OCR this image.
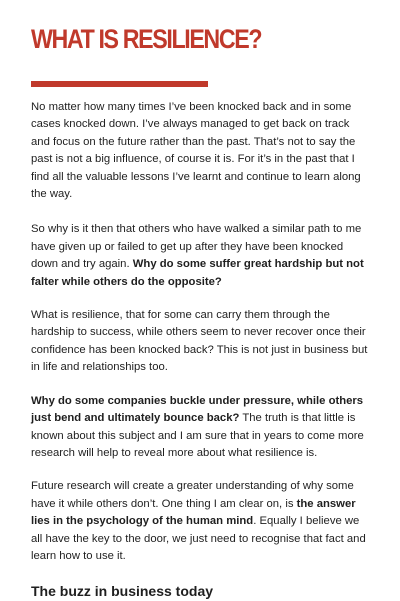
WHAT IS RESILIENCE?

No matter how many times I’ve been knocked back and in some cases knocked down. I’ve always managed to get back on track and focus on the future rather than the past. That’s not to say the past is not a big influence, of course it is. For it’s in the past that I find all the valuable lessons I’ve learnt and continue to learn along the way.

So why is it then that others who have walked a similar path to me have given up or failed to get up after they have been knocked down and try again. Why do some suffer great hardship but not falter while others do the opposite?

What is resilience, that for some can carry them through the hardship to success, while others seem to never recover once their confidence has been knocked back? This is not just in business but in life and relationships too.

Why do some companies buckle under pressure, while others just bend and ultimately bounce back? The truth is that little is known about this subject and I am sure that in years to come more research will help to reveal more about what resilience is.

Future research will create a greater understanding of why some have it while others don’t. One thing I am clear on, is the answer lies in the psychology of the human mind. Equally I believe we all have the key to the door, we just need to recognise that fact and learn how to use it.

The buzz in business today
